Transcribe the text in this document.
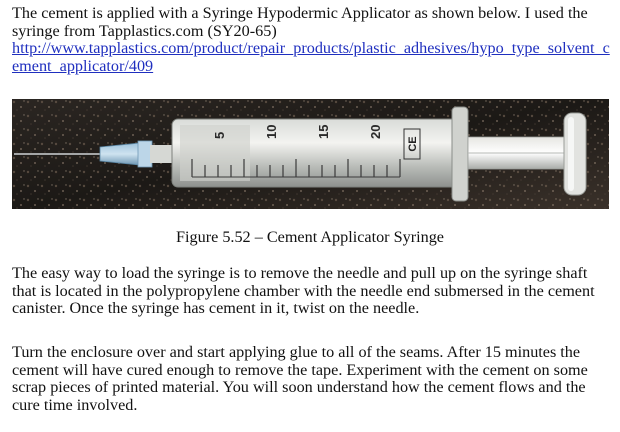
The cement is applied with a Syringe Hypodermic Applicator as shown below. I used the syringe from Tapplastics.com (SY20-65)
http://www.tapplastics.com/product/repair_products/plastic_adhesives/hypo_type_solvent_cement_applicator/409

5	10	15	20
CE
Figure 5.52 – Cement Applicator Syringe

The easy way to load the syringe is to remove the needle and pull up on the syringe shaft that is located in the polypropylene chamber with the needle end submersed in the cement canister. Once the syringe has cement in it, twist on the needle.

Turn the enclosure over and start applying glue to all of the seams. After 15 minutes the cement will have cured enough to remove the tape. Experiment with the cement on some scrap pieces of printed material. You will soon understand how the cement flows and the cure time involved.
